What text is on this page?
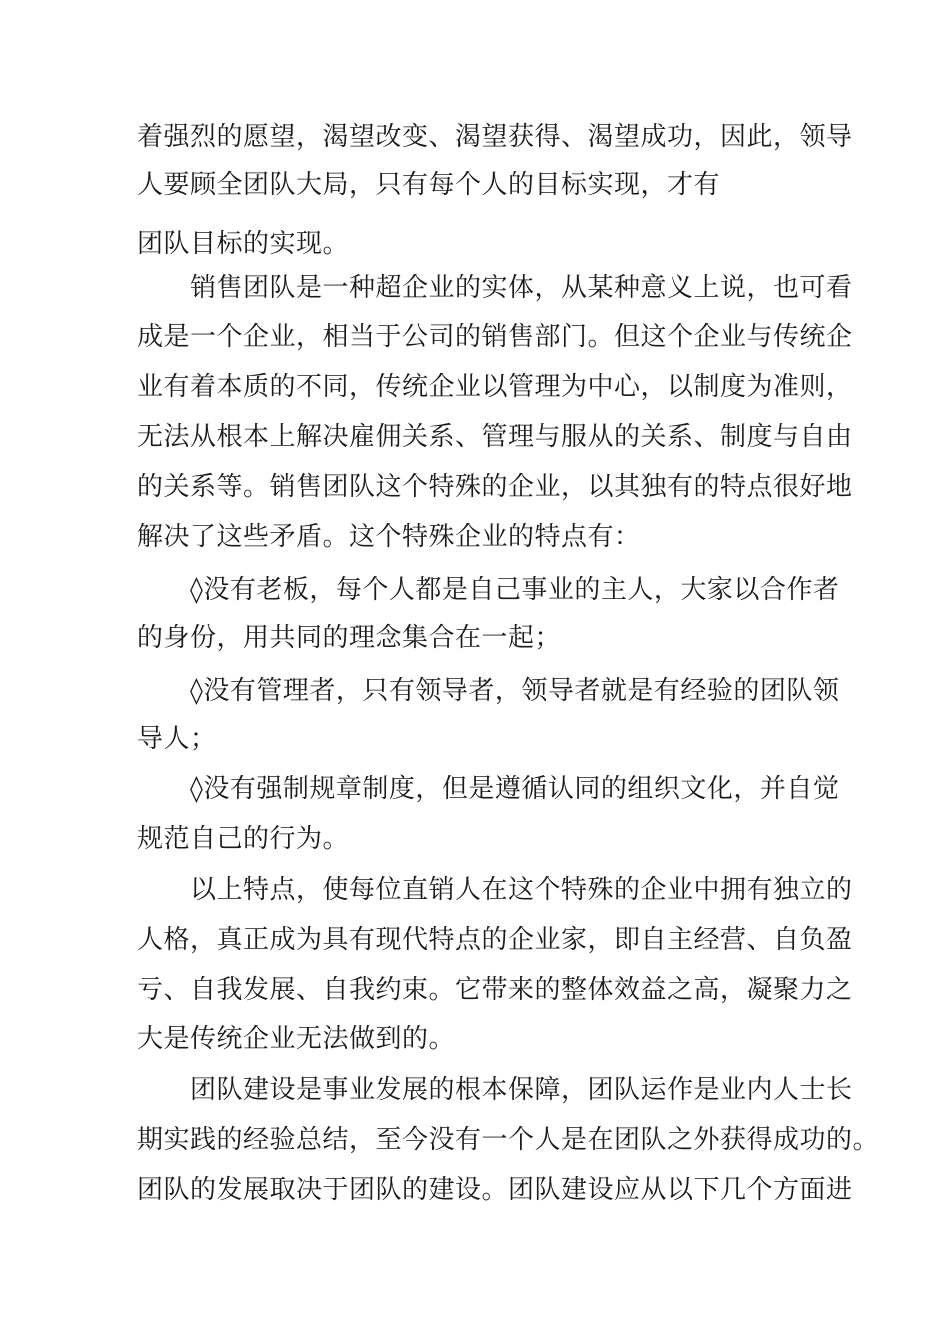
着强烈的愿望，渴望改变、渴望获得、渴望成功，因此，领导
人要顾全团队大局，只有每个人的目标实现，才有
团队目标的实现。
销售团队是一种超企业的实体，从某种意义上说，也可看
成是一个企业，相当于公司的销售部门。但这个企业与传统企
业有着本质的不同，传统企业以管理为中心，以制度为准则，
无法从根本上解决雇佣关系、管理与服从的关系、制度与自由
的关系等。销售团队这个特殊的企业，以其独有的特点很好地
解决了这些矛盾。这个特殊企业的特点有：
◊没有老板，每个人都是自己事业的主人，大家以合作者
的身份，用共同的理念集合在一起；
◊没有管理者，只有领导者，领导者就是有经验的团队领
导人；
◊没有强制规章制度，但是遵循认同的组织文化，并自觉
规范自己的行为。
以上特点，使每位直销人在这个特殊的企业中拥有独立的
人格，真正成为具有现代特点的企业家，即自主经营、自负盈
亏、自我发展、自我约束。它带来的整体效益之高，凝聚力之
大是传统企业无法做到的。
团队建设是事业发展的根本保障，团队运作是业内人士长
期实践的经验总结，至今没有一个人是在团队之外获得成功的。
团队的发展取决于团队的建设。团队建设应从以下几个方面进
